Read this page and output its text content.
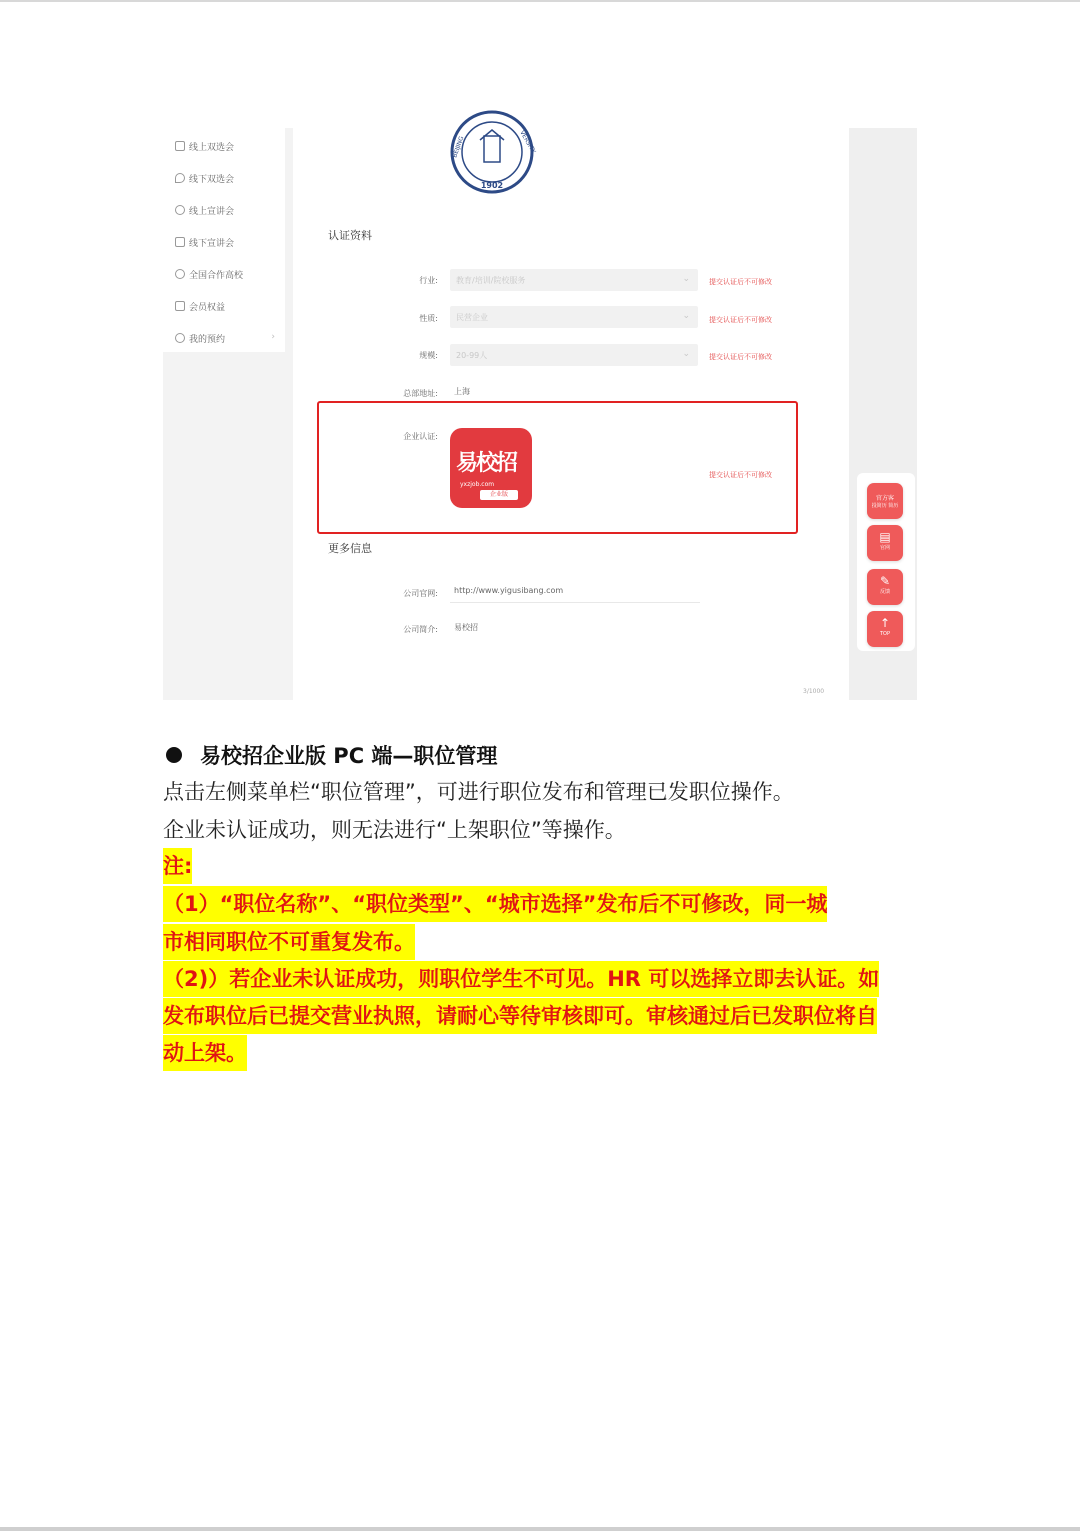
线上双选会
线下双选会
线上宣讲会
线下宣讲会
全国合作高校
会员权益
我的预约	›
1902
BEIJING	VERSITY
认证资料
行业: 教育/培训/院校服务	⌄	提交认证后不可修改
性质: 民营企业	⌄	提交认证后不可修改
规模: 20-99人	⌄	提交认证后不可修改
总部地址: 上海
企业认证:
提交认证后不可修改
更多信息
公司官网: http://www.yigusibang.com
公司简介: 易校招
3/1000
易校招
yxzjob.com
企业版
官方客
投简历 简历
▤
官网
✎
反馈
↑
TOP
易校招企业版 PC 端—职位管理
点击左侧菜单栏“职位管理”，可进行职位发布和管理已发职位操作。
企业未认证成功，则无法进行“上架职位”等操作。
注:
（1）“职位名称”、“职位类型”、“城市选择”发布后不可修改，同一城
市相同职位不可重复发布。
（2)）若企业未认证成功，则职位学生不可见。HR 可以选择立即去认证。如
发布职位后已提交营业执照，请耐心等待审核即可。审核通过后已发职位将自
动上架。
